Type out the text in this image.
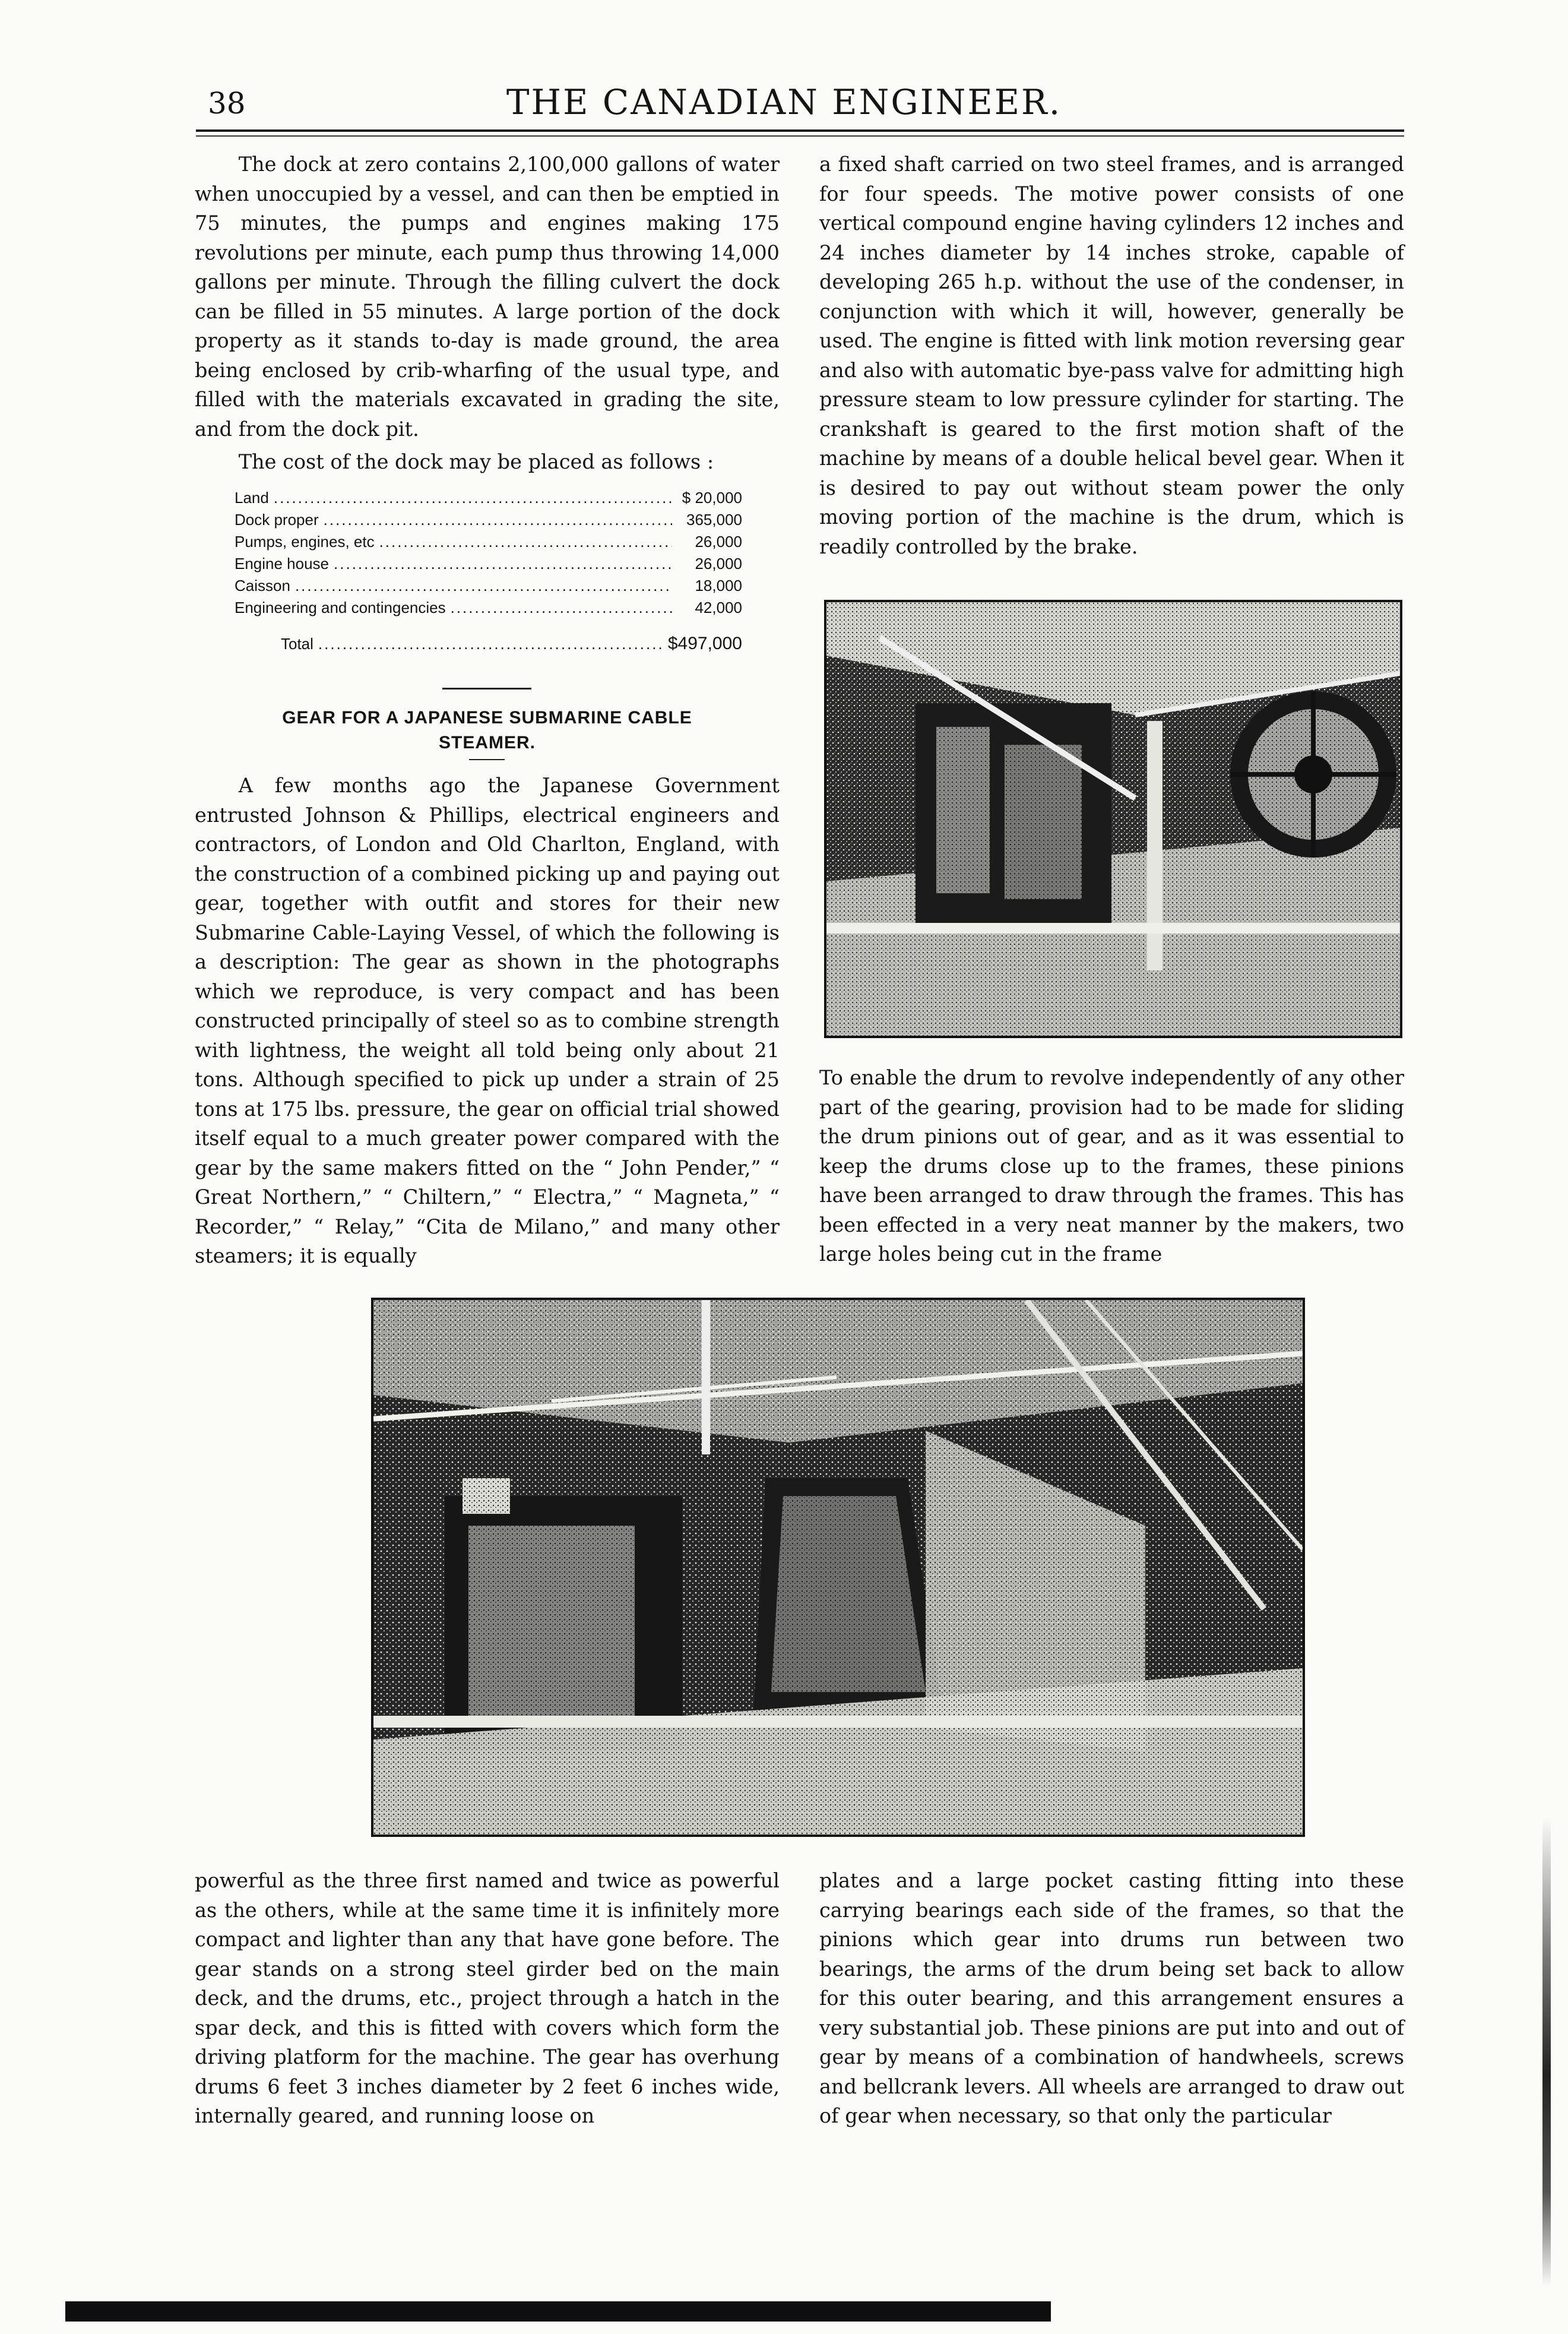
38	THE CANADIAN ENGINEER.

The dock at zero contains 2,100,000 gallons of water when unoccupied by a vessel, and can then be emptied in 75 minutes, the pumps and engines making 175 revolutions per minute, each pump thus throwing 14,000 gallons per minute. Through the filling culvert the dock can be filled in 55 minutes. A large portion of the dock property as it stands to-day is made ground, the area being enclosed by crib-wharfing of the usual type, and filled with the materials excavated in grading the site, and from the dock pit.

The cost of the dock may be placed as follows :

Land .....	$ 20,000
Dock proper .....	365,000
Pumps, engines, etc .....	26,000
Engine house .....	26,000
Caisson .....	18,000
Engineering and contingencies .....	42,000
Total .....	$497,000
GEAR FOR A JAPANESE SUBMARINE CABLE
STEAMER.

A few months ago the Japanese Government entrusted Johnson & Phillips, electrical engineers and contractors, of London and Old Charlton, England, with the construction of a combined picking up and paying out gear, together with outfit and stores for their new Submarine Cable-Laying Vessel, of which the following is a description: The gear as shown in the photographs which we reproduce, is very compact and has been constructed principally of steel so as to combine strength with lightness, the weight all told being only about 21 tons. Although specified to pick up under a strain of 25 tons at 175 lbs. pressure, the gear on official trial showed itself equal to a much greater power compared with the gear by the same makers fitted on the “ John Pender,” “ Great Northern,” “ Chiltern,” “ Electra,” “ Magneta,” “ Recorder,” “ Relay,” “Cita de Milano,” and many other steamers; it is equally

a fixed shaft carried on two steel frames, and is arranged for four speeds. The motive power consists of one vertical compound engine having cylinders 12 inches and 24 inches diameter by 14 inches stroke, capable of developing 265 h.p. without the use of the condenser, in conjunction with which it will, however, generally be used. The engine is fitted with link motion reversing gear and also with automatic bye-pass valve for admitting high pressure steam to low pressure cylinder for starting. The crankshaft is geared to the first motion shaft of the machine by means of a double helical bevel gear. When it is desired to pay out without steam power the only moving portion of the machine is the drum, which is readily controlled by the brake.

To enable the drum to revolve independently of any other part of the gearing, provision had to be made for sliding the drum pinions out of gear, and as it was essential to keep the drums close up to the frames, these pinions have been arranged to draw through the frames. This has been effected in a very neat manner by the makers, two large holes being cut in the frame

powerful as the three first named and twice as powerful as the others, while at the same time it is infinitely more compact and lighter than any that have gone before. The gear stands on a strong steel girder bed on the main deck, and the drums, etc., project through a hatch in the spar deck, and this is fitted with covers which form the driving platform for the machine. The gear has overhung drums 6 feet 3 inches diameter by 2 feet 6 inches wide, internally geared, and running loose on

plates and a large pocket casting fitting into these carrying bearings each side of the frames, so that the pinions which gear into drums run between two bearings, the arms of the drum being set back to allow for this outer bearing, and this arrangement ensures a very substantial job. These pinions are put into and out of gear by means of a combination of handwheels, screws and bellcrank levers. All wheels are arranged to draw out of gear when necessary, so that only the particular
